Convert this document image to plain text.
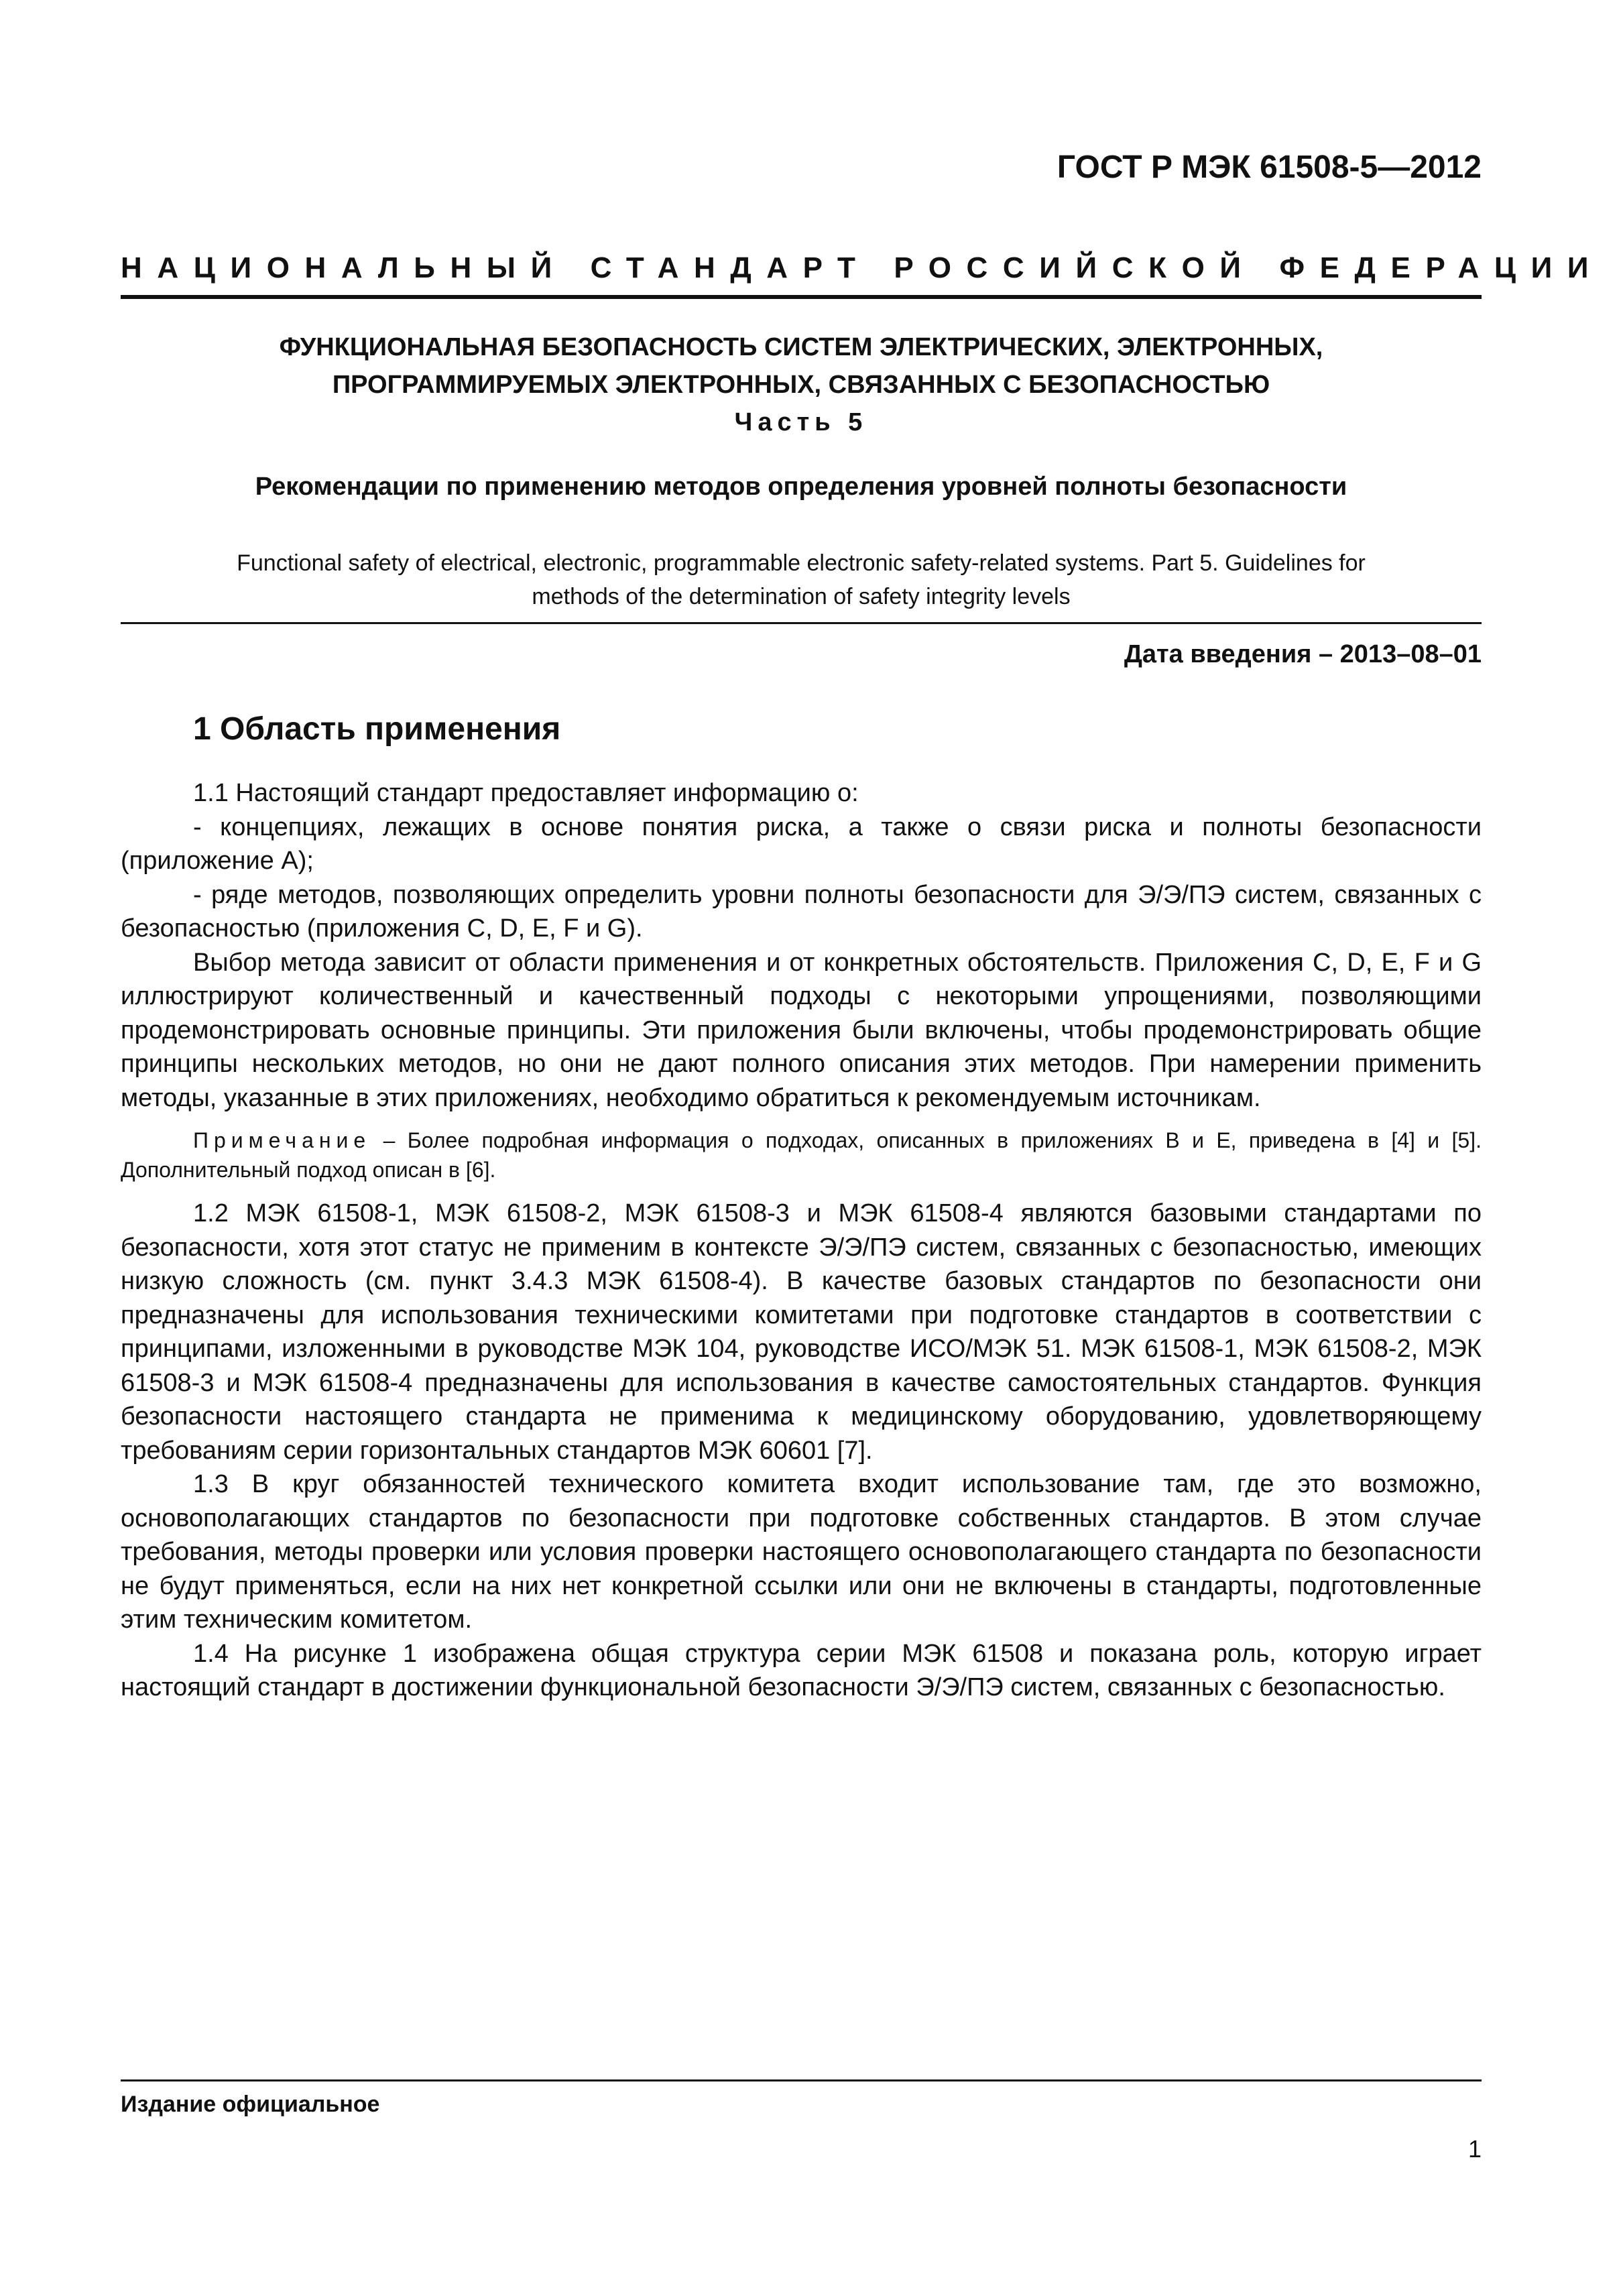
ГОСТ Р МЭК 61508-5—2012
НАЦИОНАЛЬНЫЙ СТАНДАРТ РОССИЙСКОЙ ФЕДЕРАЦИИ
ФУНКЦИОНАЛЬНАЯ БЕЗОПАСНОСТЬ СИСТЕМ ЭЛЕКТРИЧЕСКИХ, ЭЛЕКТРОННЫХ,
ПРОГРАММИРУЕМЫХ ЭЛЕКТРОННЫХ, СВЯЗАННЫХ С БЕЗОПАСНОСТЬЮ
Часть 5
Рекомендации по применению методов определения уровней полноты безопасности
Functional safety of electrical, electronic, programmable electronic safety-related systems. Part 5. Guidelines for
methods of the determination of safety integrity levels
Дата введения – 2013–08–01
1 Область применения

1.1 Настоящий стандарт предоставляет информацию о:

- концепциях, лежащих в основе понятия риска, а также о связи риска и полноты безопасности (приложение А);

- ряде методов, позволяющих определить уровни полноты безопасности для Э/Э/ПЭ систем, связанных с безопасностью (приложения С, D, Е, F и G).

Выбор метода зависит от области применения и от конкретных обстоятельств. Приложения С, D, Е, F и G иллюстрируют количественный и качественный подходы с некоторыми упрощениями, позволяющими продемонстрировать основные принципы. Эти приложения были включены, чтобы продемонстрировать общие принципы нескольких методов, но они не дают полного описания этих методов. При намерении применить методы, указанные в этих приложениях, необходимо обратиться к рекомендуемым источникам.

Примечание – Более подробная информация о подходах, описанных в приложениях В и Е, приведена в [4] и [5]. Дополнительный подход описан в [6].

1.2 МЭК 61508-1, МЭК 61508-2, МЭК 61508-3 и МЭК 61508-4 являются базовыми стандартами по безопасности, хотя этот статус не применим в контексте Э/Э/ПЭ систем, связанных с безопасностью, имеющих низкую сложность (см. пункт 3.4.3 МЭК 61508-4). В качестве базовых стандартов по безопасности они предназначены для использования техническими комитетами при подготовке стандартов в соответствии с принципами, изложенными в руководстве МЭК 104, руководстве ИСО/МЭК 51. МЭК 61508-1, МЭК 61508-2, МЭК 61508-3 и МЭК 61508-4 предназначены для использования в качестве самостоятельных стандартов. Функция безопасности настоящего стандарта не применима к медицинскому оборудованию, удовлетворяющему требованиям серии горизонтальных стандартов МЭК 60601 [7].

1.3 В круг обязанностей технического комитета входит использование там, где это возможно, основополагающих стандартов по безопасности при подготовке собственных стандартов. В этом случае требования, методы проверки или условия проверки настоящего основополагающего стандарта по безопасности не будут применяться, если на них нет конкретной ссылки или они не включены в стандарты, подготовленные этим техническим комитетом.

1.4 На рисунке 1 изображена общая структура серии МЭК 61508 и показана роль, которую играет настоящий стандарт в достижении функциональной безопасности Э/Э/ПЭ систем, связанных с безопасностью.

Издание официальное
1
